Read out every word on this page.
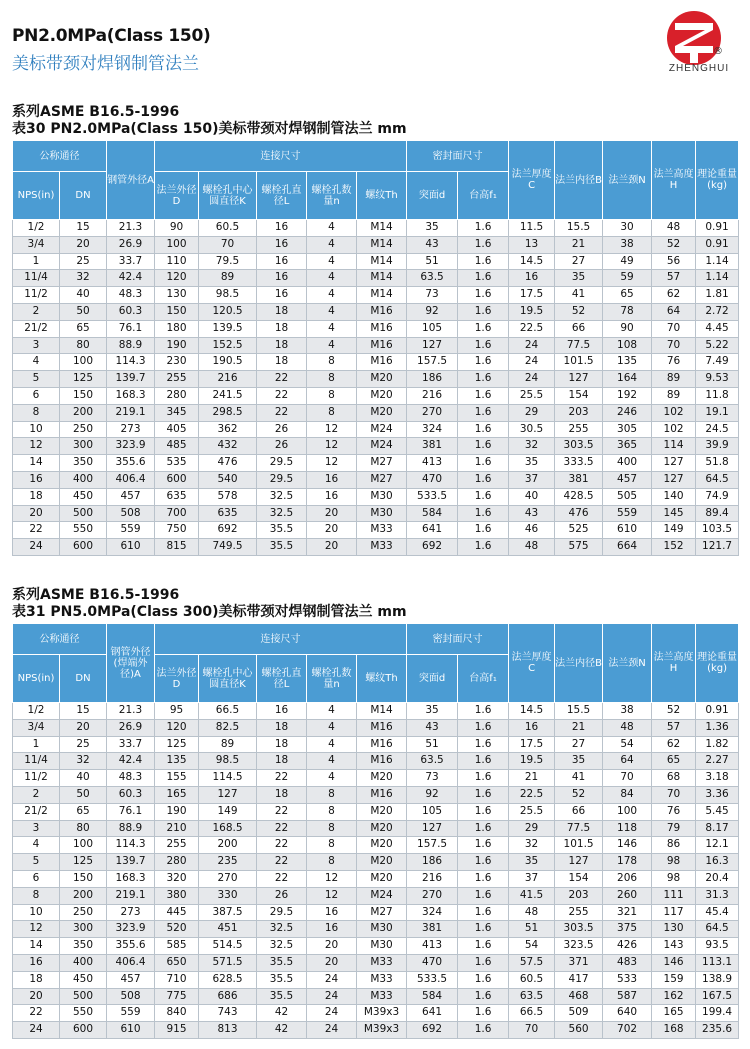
PN2.0MPa(Class 150)
美标带颈对焊钢制管法兰
®
ZHENGHUI
系列ASME B16.5-1996
表30 PN2.0MPa(Class 150)美标带颈对焊钢制管法兰 mm
公称通径		钢管外径A	连接尺寸					密封面尺寸		法兰厚度C	法兰内径B	法兰颈N	法兰高度H	理论重量(kg)
NPS(in)	DN		法兰外径D	螺栓孔中心圆直径K	螺栓孔直径L	螺栓孔数量n	螺纹Th	突面d	台高f₁					
1/2	15	21.3	90	60.5	16	4	M14	35	1.6	11.5	15.5	30	48	0.91
3/4	20	26.9	100	70	16	4	M14	43	1.6	13	21	38	52	0.91
1	25	33.7	110	79.5	16	4	M14	51	1.6	14.5	27	49	56	1.14
11/4	32	42.4	120	89	16	4	M14	63.5	1.6	16	35	59	57	1.14
11/2	40	48.3	130	98.5	16	4	M14	73	1.6	17.5	41	65	62	1.81
2	50	60.3	150	120.5	18	4	M16	92	1.6	19.5	52	78	64	2.72
21/2	65	76.1	180	139.5	18	4	M16	105	1.6	22.5	66	90	70	4.45
3	80	88.9	190	152.5	18	4	M16	127	1.6	24	77.5	108	70	5.22
4	100	114.3	230	190.5	18	8	M16	157.5	1.6	24	101.5	135	76	7.49
5	125	139.7	255	216	22	8	M20	186	1.6	24	127	164	89	9.53
6	150	168.3	280	241.5	22	8	M20	216	1.6	25.5	154	192	89	11.8
8	200	219.1	345	298.5	22	8	M20	270	1.6	29	203	246	102	19.1
10	250	273	405	362	26	12	M24	324	1.6	30.5	255	305	102	24.5
12	300	323.9	485	432	26	12	M24	381	1.6	32	303.5	365	114	39.9
14	350	355.6	535	476	29.5	12	M27	413	1.6	35	333.5	400	127	51.8
16	400	406.4	600	540	29.5	16	M27	470	1.6	37	381	457	127	64.5
18	450	457	635	578	32.5	16	M30	533.5	1.6	40	428.5	505	140	74.9
20	500	508	700	635	32.5	20	M30	584	1.6	43	476	559	145	89.4
22	550	559	750	692	35.5	20	M33	641	1.6	46	525	610	149	103.5
24	600	610	815	749.5	35.5	20	M33	692	1.6	48	575	664	152	121.7
系列ASME B16.5-1996
表31 PN5.0MPa(Class 300)美标带颈对焊钢制管法兰 mm
公称通径		钢管外径(焊端外径)A	连接尺寸					密封面尺寸		法兰厚度C	法兰内径B	法兰颈N	法兰高度H	理论重量(kg)
NPS(in)	DN		法兰外径D	螺栓孔中心圆直径K	螺栓孔直径L	螺栓孔数量n	螺纹Th	突面d	台高f₁					
1/2	15	21.3	95	66.5	16	4	M14	35	1.6	14.5	15.5	38	52	0.91
3/4	20	26.9	120	82.5	18	4	M16	43	1.6	16	21	48	57	1.36
1	25	33.7	125	89	18	4	M16	51	1.6	17.5	27	54	62	1.82
11/4	32	42.4	135	98.5	18	4	M16	63.5	1.6	19.5	35	64	65	2.27
11/2	40	48.3	155	114.5	22	4	M20	73	1.6	21	41	70	68	3.18
2	50	60.3	165	127	18	8	M16	92	1.6	22.5	52	84	70	3.36
21/2	65	76.1	190	149	22	8	M20	105	1.6	25.5	66	100	76	5.45
3	80	88.9	210	168.5	22	8	M20	127	1.6	29	77.5	118	79	8.17
4	100	114.3	255	200	22	8	M20	157.5	1.6	32	101.5	146	86	12.1
5	125	139.7	280	235	22	8	M20	186	1.6	35	127	178	98	16.3
6	150	168.3	320	270	22	12	M20	216	1.6	37	154	206	98	20.4
8	200	219.1	380	330	26	12	M24	270	1.6	41.5	203	260	111	31.3
10	250	273	445	387.5	29.5	16	M27	324	1.6	48	255	321	117	45.4
12	300	323.9	520	451	32.5	16	M30	381	1.6	51	303.5	375	130	64.5
14	350	355.6	585	514.5	32.5	20	M30	413	1.6	54	323.5	426	143	93.5
16	400	406.4	650	571.5	35.5	20	M33	470	1.6	57.5	371	483	146	113.1
18	450	457	710	628.5	35.5	24	M33	533.5	1.6	60.5	417	533	159	138.9
20	500	508	775	686	35.5	24	M33	584	1.6	63.5	468	587	162	167.5
22	550	559	840	743	42	24	M39x3	641	1.6	66.5	509	640	165	199.4
24	600	610	915	813	42	24	M39x3	692	1.6	70	560	702	168	235.6
